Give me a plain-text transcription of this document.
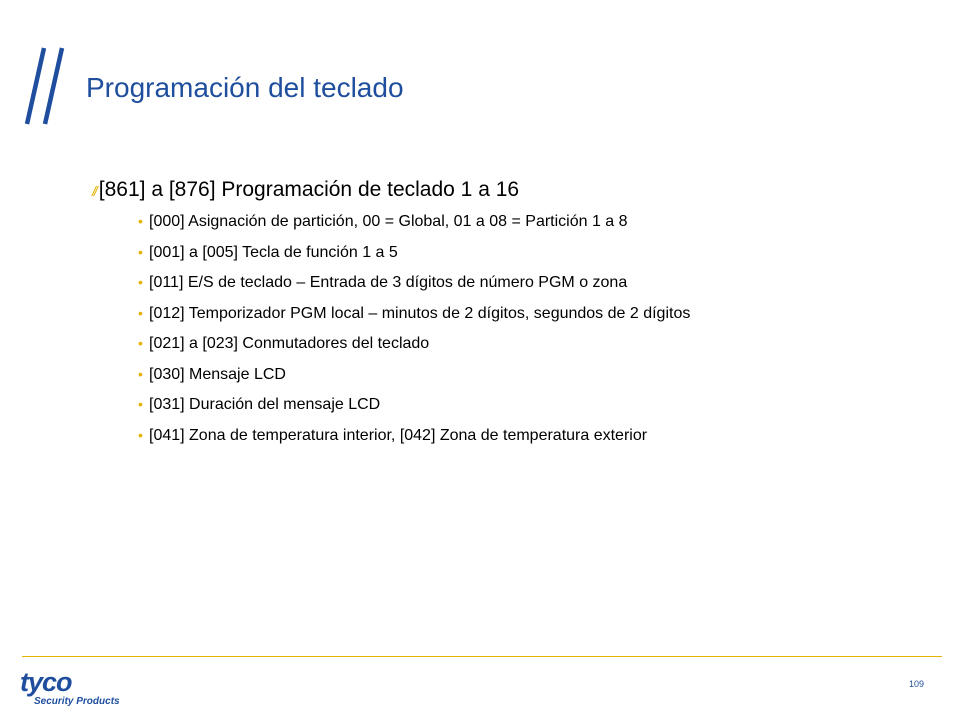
Programación del teclado
// [861] a [876] Programación de teclado 1 a 16
• [000] Asignación de partición, 00 = Global, 01 a 08 = Partición 1 a 8
• [001] a [005] Tecla de función 1 a 5
• [011] E/S de teclado – Entrada de 3 dígitos de número PGM o zona
• [012] Temporizador PGM local – minutos de 2 dígitos, segundos de 2 dígitos
• [021] a [023] Conmutadores del teclado
• [030] Mensaje LCD
• [031] Duración del mensaje LCD
• [041] Zona de temperatura interior, [042] Zona de temperatura exterior
tyco
Security Products
109
